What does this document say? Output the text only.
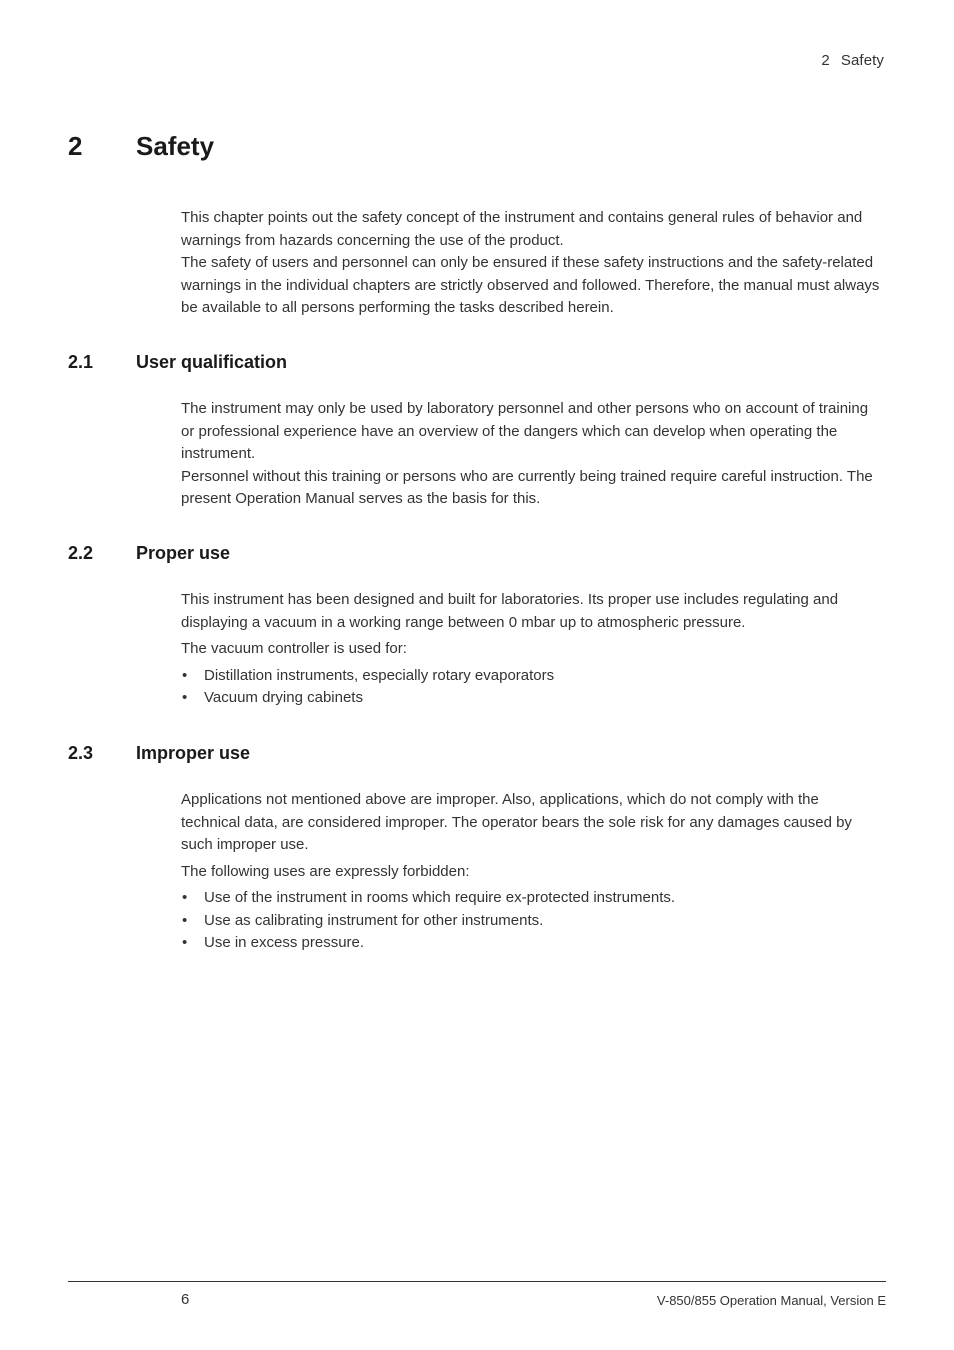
2 Safety
2 Safety

This chapter points out the safety concept of the instrument and contains general rules of behavior and warnings from hazards concerning the use of the product.

The safety of users and personnel can only be ensured if these safety instructions and the safety-related warnings in the individual chapters are strictly observed and followed. Therefore, the manual must always be available to all persons performing the tasks described herein.

2.1 User qualification

The instrument may only be used by laboratory personnel and other persons who on account of training or professional experience have an overview of the dangers which can develop when operating the instrument.

Personnel without this training or persons who are currently being trained require careful instruction. The present Operation Manual serves as the basis for this.

2.2 Proper use

This instrument has been designed and built for laboratories. Its proper use includes regulating and displaying a vacuum in a working range between 0 mbar up to atmospheric pressure.

The vacuum controller is used for:

• Distillation instruments, especially rotary evaporators
• Vacuum drying cabinets
2.3 Improper use

Applications not mentioned above are improper. Also, applications, which do not comply with the technical data, are considered improper. The operator bears the sole risk for any damages caused by such improper use.

The following uses are expressly forbidden:

• Use of the instrument in rooms which require ex-protected instruments.
• Use as calibrating instrument for other instruments.
• Use in excess pressure.
6	V-850/855 Operation Manual, Version E
